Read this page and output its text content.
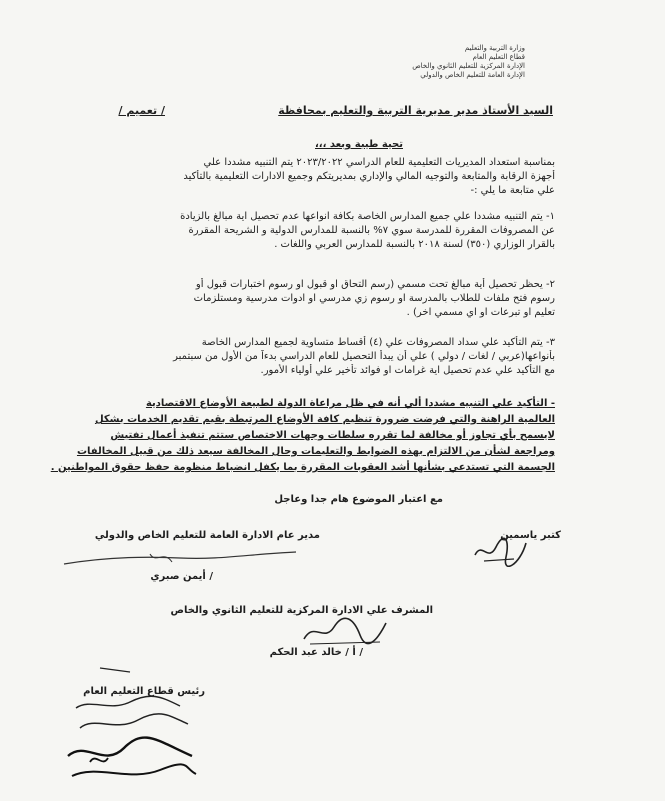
وزارة التربية والتعليم
قطاع التعليم العام
الإدارة المركزية للتعليم الثانوي والخاص
الإدارة العامة للتعليم الخاص والدولي
/ تعميم /	السيد الأستاذ مدير مديرية التربية والتعليم بمحافظة
تحية طيبة وبعد ،،،
بمناسبة استعداد المديريات التعليمية للعام الدراسي ٢٠٢٣/٢٠٢٢ يتم التنبيه مشددا علي
أجهزة الرقابة والمتابعة والتوجيه المالي والإداري بمديريتكم وجميع الادارات التعليمية بالتأكيد
علي متابعة ما يلي :-
١- يتم التنبيه مشددا علي جميع المدارس الخاصة بكافة انواعها عدم تحصيل اية مبالغ بالزيادة
عن المصروفات المقررة للمدرسة سوي ٧% بالنسبة للمدارس الدولية و الشريحة المقررة
بالقرار الوزاري (٣٥٠) لسنة ٢٠١٨ بالنسبة للمدارس العربي واللغات .
٢- يحظر تحصيل أية مبالغ تحت مسمي (رسم التحاق او قبول او رسوم اختبارات قبول أو
رسوم فتح ملفات للطلاب بالمدرسة او رسوم زي مدرسي او ادوات مدرسية ومستلزمات
تعليم او تبرعات او اي مسمي اخر) .
٣- يتم التأكيد علي سداد المصروفات علي (٤) أقساط متساوية لجميع المدارس الخاصة
بأنواعها(عربي / لغات / دولي ) علي أن يبدأ التحصيل للعام الدراسي بدءاً من الأول من سبتمبر
مع التأكيد علي عدم تحصيل اية غرامات او فوائد تأخير علي أولياء الأمور.
- التأكيد علي التنبيه مشددا ألي أنه في ظل مراعاة الدولة لطبيعة الأوضاع الاقتصادية
العالمية الراهنة والتي فرضت ضرورة تنظيم كافة الأوضاع المرتبطة بقيم تقديم الخدمات بشكل
لايسمح بأي تجاوز أو مخالفة لما تقرره سلطات وجهات الاختصاص ستتم تنفيذ أعمال تفتيش
ومراجعة لشأن من الالتزام بهذه الضوابط والتعليمات وحال المخالفة سيعد ذلك من قبيل المخالفات
الجسمة التي تستدعي بشأنها أشد العقوبات المقررة بما يكفل انضباط منظومة حفظ حقوق المواطنين .
مع اعتبار الموضوع هام جدا وعاجل
كتبر ياسمين
مدير عام الادارة العامة للتعليم الخاص والدولي
/ أيمن صبري
المشرف علي الادارة المركزية للتعليم الثانوي والخاص
/ أ / خالد عبد الحكم
رئيس قطاع التعليم العام
